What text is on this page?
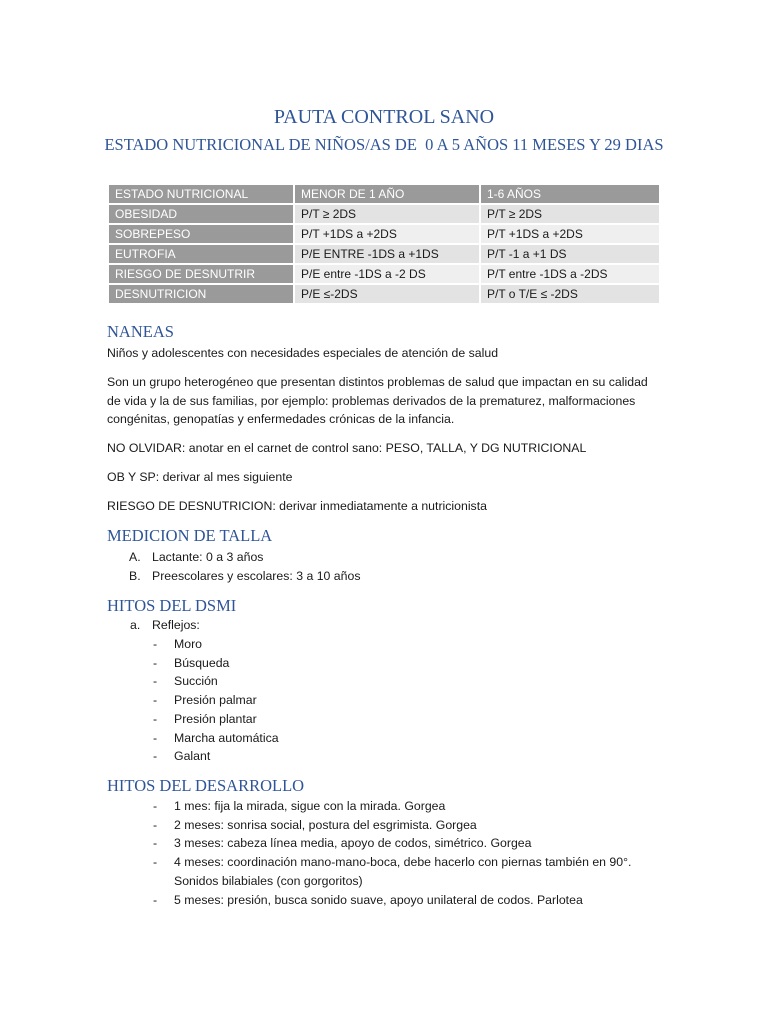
PAUTA CONTROL SANO
ESTADO NUTRICIONAL DE NIÑOS/AS DE  0 A 5 AÑOS 11 MESES Y 29 DIAS
ESTADO NUTRICIONAL	MENOR DE 1 AÑO	1-6 AÑOS
OBESIDAD	P/T ≥ 2DS	P/T ≥ 2DS
SOBREPESO	P/T +1DS a +2DS	P/T +1DS a +2DS
EUTROFIA	P/E ENTRE -1DS a +1DS	P/T -1 a +1 DS
RIESGO DE DESNUTRIR	P/E entre -1DS a -2 DS	P/T entre -1DS a -2DS
DESNUTRICION	P/E ≤-2DS	P/T o T/E ≤ -2DS
NANEAS
Niños y adolescentes con necesidades especiales de atención de salud
Son un grupo heterogéneo que presentan distintos problemas de salud que impactan en su calidad
de vida y la de sus familias, por ejemplo: problemas derivados de la prematurez, malformaciones
congénitas, genopatías y enfermedades crónicas de la infancia.
NO OLVIDAR: anotar en el carnet de control sano: PESO, TALLA, Y DG NUTRICIONAL
OB Y SP: derivar al mes siguiente
RIESGO DE DESNUTRICION: derivar inmediatamente a nutricionista
MEDICION DE TALLA
A. Lactante: 0 a 3 años
B. Preescolares y escolares: 3 a 10 años
HITOS DEL DSMI
a. Reflejos:
- Moro
- Búsqueda
- Succión
- Presión palmar
- Presión plantar
- Marcha automática
- Galant
HITOS DEL DESARROLLO
- 1 mes: fija la mirada, sigue con la mirada. Gorgea
- 2 meses: sonrisa social, postura del esgrimista. Gorgea
- 3 meses: cabeza línea media, apoyo de codos, simétrico. Gorgea
- 4 meses: coordinación mano-mano-boca, debe hacerlo con piernas también en 90°.
Sonidos bilabiales (con gorgoritos)
- 5 meses: presión, busca sonido suave, apoyo unilateral de codos. Parlotea
